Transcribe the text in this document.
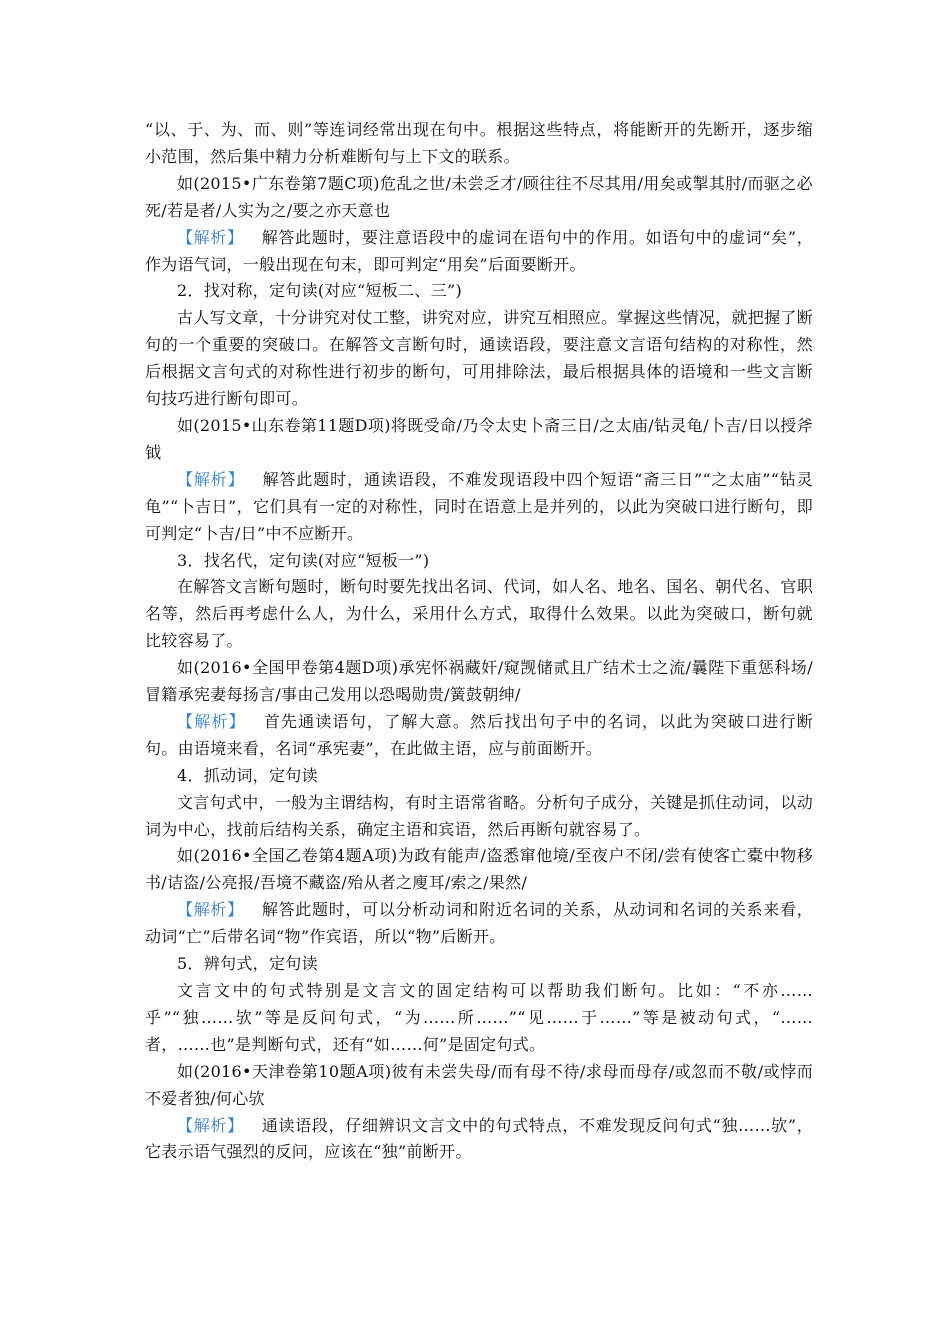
“以、于、为、而、则”等连词经常出现在句中。根据这些特点，将能断开的先断开，逐步缩小范围，然后集中精力分析难断句与上下文的联系。

如(2015•广东卷第7题C项)危乱之世/未尝乏才/顾往往不尽其用/用矣或掣其肘/而驱之必死/若是者/人实为之/要之亦天意也

【解析】 解答此题时，要注意语段中的虚词在语句中的作用。如语句中的虚词“矣”，作为语气词，一般出现在句末，即可判定“用矣”后面要断开。

2．找对称，定句读(对应“短板二、三”)

古人写文章，十分讲究对仗工整，讲究对应，讲究互相照应。掌握这些情况，就把握了断句的一个重要的突破口。在解答文言断句时，通读语段，要注意文言语句结构的对称性，然后根据文言句式的对称性进行初步的断句，可用排除法，最后根据具体的语境和一些文言断句技巧进行断句即可。

如(2015•山东卷第11题D项)将既受命/乃令太史卜斋三日/之太庙/钻灵龟/卜吉/日以授斧钺

【解析】 解答此题时，通读语段，不难发现语段中四个短语“斋三日”“之太庙”“钻灵龟”“卜吉日”，它们具有一定的对称性，同时在语意上是并列的，以此为突破口进行断句，即可判定“卜吉/日”中不应断开。

3．找名代，定句读(对应“短板一”)

在解答文言断句题时，断句时要先找出名词、代词，如人名、地名、国名、朝代名、官职名等，然后再考虑什么人，为什么，采用什么方式，取得什么效果。以此为突破口，断句就比较容易了。

如(2016•全国甲卷第4题D项)承宪怀祸藏奸/窥觊储贰且广结术士之流/曩陛下重惩科场/冒籍承宪妻每扬言/事由己发用以恐喝勋贵/簧鼓朝绅/

【解析】 首先通读语句，了解大意。然后找出句子中的名词，以此为突破口进行断句。由语境来看，名词“承宪妻”，在此做主语，应与前面断开。

4．抓动词，定句读

文言句式中，一般为主谓结构，有时主语常省略。分析句子成分，关键是抓住动词，以动词为中心，找前后结构关系，确定主语和宾语，然后再断句就容易了。

如(2016•全国乙卷第4题A项)为政有能声/盗悉窜他境/至夜户不闭/尝有使客亡橐中物移书/诘盗/公亮报/吾境不藏盗/殆从者之廋耳/索之/果然/

【解析】 解答此题时，可以分析动词和附近名词的关系，从动词和名词的关系来看，动词“亡”后带名词“物”作宾语，所以“物”后断开。

5．辨句式，定句读

文言文中的句式特别是文言文的固定结构可以帮助我们断句。比如：“不亦……乎”“独……欤”等是反问句式，“为……所……”“见……于……”等是被动句式，“……者，……也”是判断句式，还有“如……何”是固定句式。

如(2016•天津卷第10题A项)彼有未尝失母/而有母不待/求母而母存/或忽而不敬/或悖而不爱者独/何心欤

【解析】 通读语段，仔细辨识文言文中的句式特点，不难发现反问句式“独……欤”，它表示语气强烈的反问，应该在“独”前断开。
